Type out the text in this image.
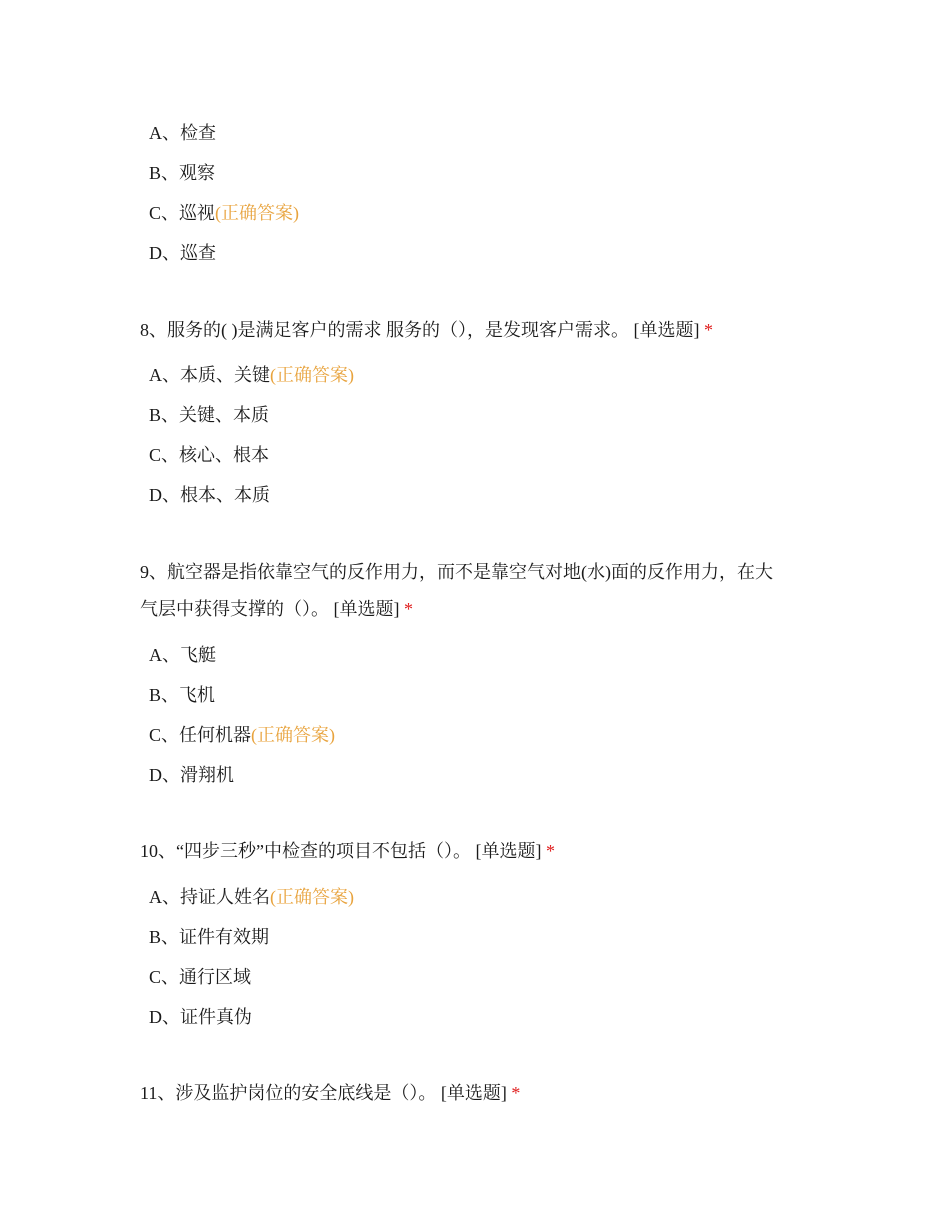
A、检查
B、观察
C、巡视(正确答案)
D、巡查
8、服务的( )是满足客户的需求 服务的（），是发现客户需求。 [单选题] *
A、本质、关键(正确答案)
B、关键、本质
C、核心、根本
D、根本、本质
9、航空器是指依靠空气的反作用力，而不是靠空气对地(水)面的反作用力，在大
气层中获得支撑的（）。 [单选题] *
A、飞艇
B、飞机
C、任何机器(正确答案)
D、滑翔机
10、“四步三秒”中检查的项目不包括（）。 [单选题] *
A、持证人姓名(正确答案)
B、证件有效期
C、通行区域
D、证件真伪
11、涉及监护岗位的安全底线是（）。 [单选题] *
